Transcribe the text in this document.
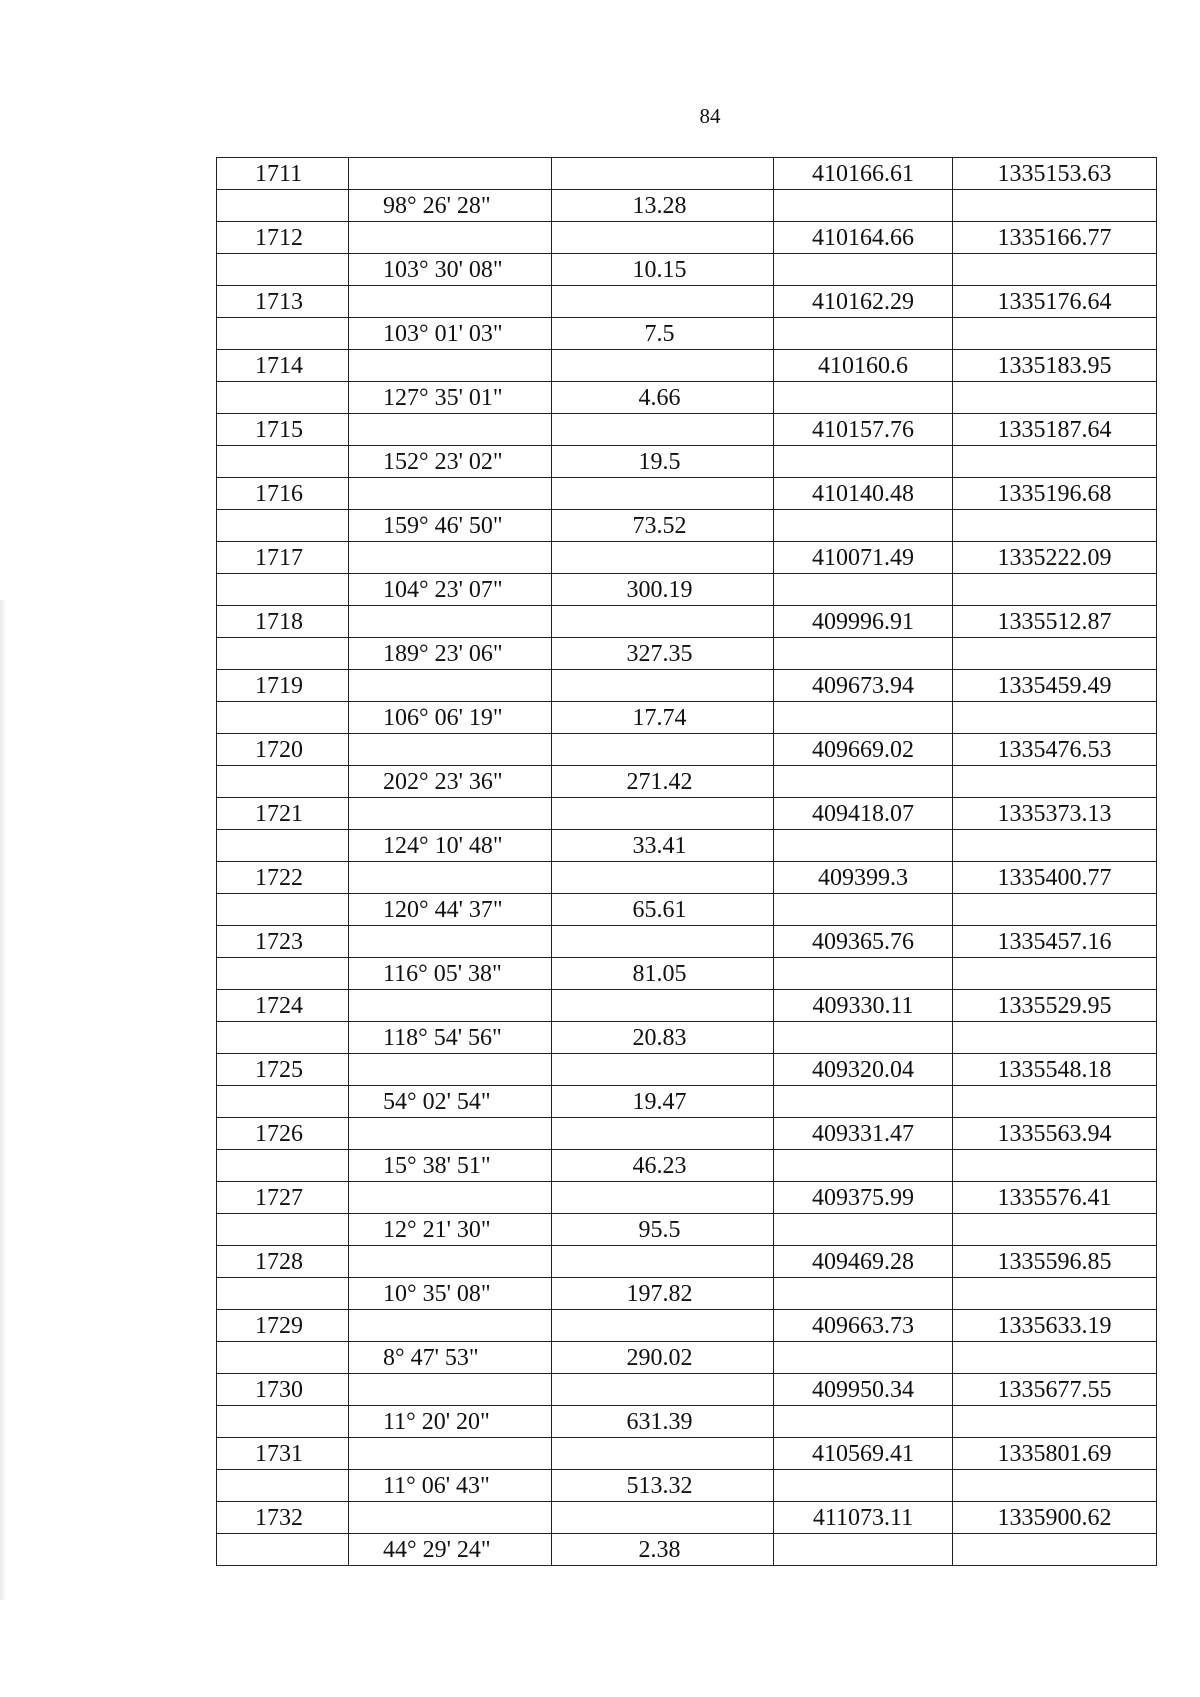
84
1711			410166.61	1335153.63
	98° 26' 28"	13.28		
1712			410164.66	1335166.77
	103° 30' 08"	10.15		
1713			410162.29	1335176.64
	103° 01' 03"	7.5		
1714			410160.6	1335183.95
	127° 35' 01"	4.66		
1715			410157.76	1335187.64
	152° 23' 02"	19.5		
1716			410140.48	1335196.68
	159° 46' 50"	73.52		
1717			410071.49	1335222.09
	104° 23' 07"	300.19		
1718			409996.91	1335512.87
	189° 23' 06"	327.35		
1719			409673.94	1335459.49
	106° 06' 19"	17.74		
1720			409669.02	1335476.53
	202° 23' 36"	271.42		
1721			409418.07	1335373.13
	124° 10' 48"	33.41		
1722			409399.3	1335400.77
	120° 44' 37"	65.61		
1723			409365.76	1335457.16
	116° 05' 38"	81.05		
1724			409330.11	1335529.95
	118° 54' 56"	20.83		
1725			409320.04	1335548.18
	54° 02' 54"	19.47		
1726			409331.47	1335563.94
	15° 38' 51"	46.23		
1727			409375.99	1335576.41
	12° 21' 30"	95.5		
1728			409469.28	1335596.85
	10° 35' 08"	197.82		
1729			409663.73	1335633.19
	8° 47' 53"	290.02		
1730			409950.34	1335677.55
	11° 20' 20"	631.39		
1731			410569.41	1335801.69
	11° 06' 43"	513.32		
1732			411073.11	1335900.62
	44° 29' 24"	2.38		
